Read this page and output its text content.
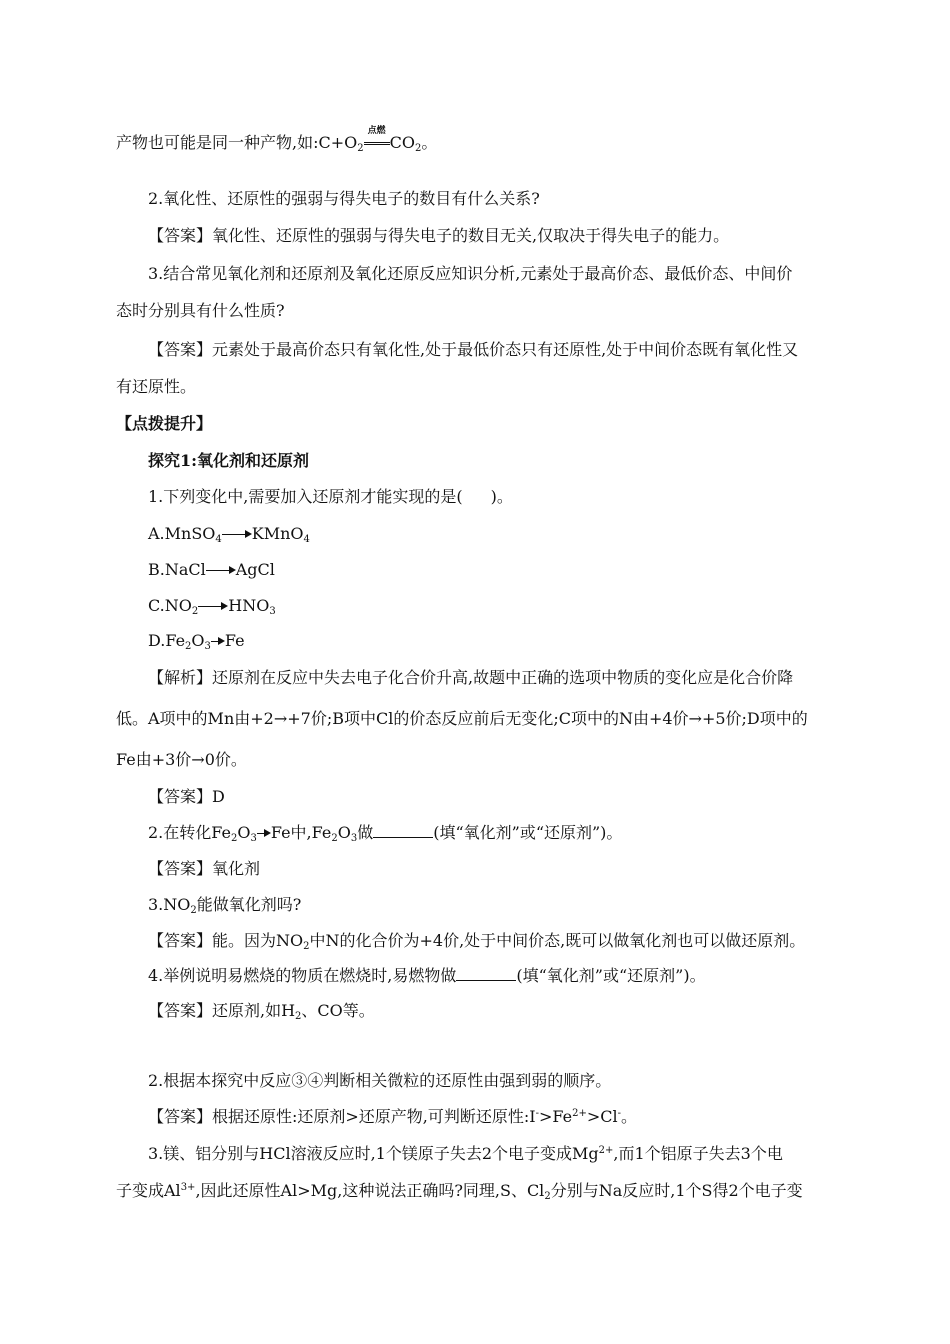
产物也可能是同一种产物,如$:C+O_2$
点燃
$CO_2$。
2.氧化性、还原性的强弱与得失电子的数目有什么关系?
【答案】氧化性、还原性的强弱与得失电子的数目无关,仅取决于得失电子的能力。
3.结合常见氧化剂和还原剂及氧化还原反应知识分析,元素处于最高价态、最低价态、中间价
态时分别具有什么性质?
【答案】元素处于最高价态只有氧化性,处于最低价态只有还原性,处于中间价态既有氧化性又
有还原性。
【点拨提升】
探究1:氧化剂和还原剂
1.下列变化中,需要加入还原剂才能实现的是( )。
A.MnSO$_4$ KMnO$_4$
B.NaCl AgCl
$C.NO_2$ $HNO_3$
$D.Fe_2O_3$ Fe
【解析】还原剂在反应中失去电子化合价升高,故题中正确的选项中物质的变化应是化合价降
低。A项中的Mn由+2→+7价;B项中Cl的价态反应前后无变化;C项中的N由+4价→+5价;D项中的
Fe由+3价→0价。
【答案】D
2.在转化$Fe_2O_3$ Fe中$,Fe_2O_3$做	(填“氧化剂”或“还原剂”)。
【答案】氧化剂
$3.NO_2$能做氧化剂吗?
【答案】能。因为$NO_2$中N的化合价为+4价,处于中间价态,既可以做氧化剂也可以做还原剂。
4.举例说明易燃烧的物质在燃烧时,易燃物做	(填“氧化剂”或“还原剂”)。
【答案】还原剂,如$H_2$、CO等。
2.根据本探究中反应③④判断相关微粒的还原性由强到弱的顺序。
【答案】根据还原性:还原剂>还原产物,可判断还原性$:I^->Fe^{2+}>Cl^-$。
3.镁、铝分别与HCl溶液反应时,1个镁原子失去2个电子变成$Mg^{2+}$,而1个铝原子失去3个电
子变成$Al^{3+}$,因此还原性Al>Mg,这种说法正确吗?同理,S、$Cl_2$分别与Na反应时,1个S得2个电子变
